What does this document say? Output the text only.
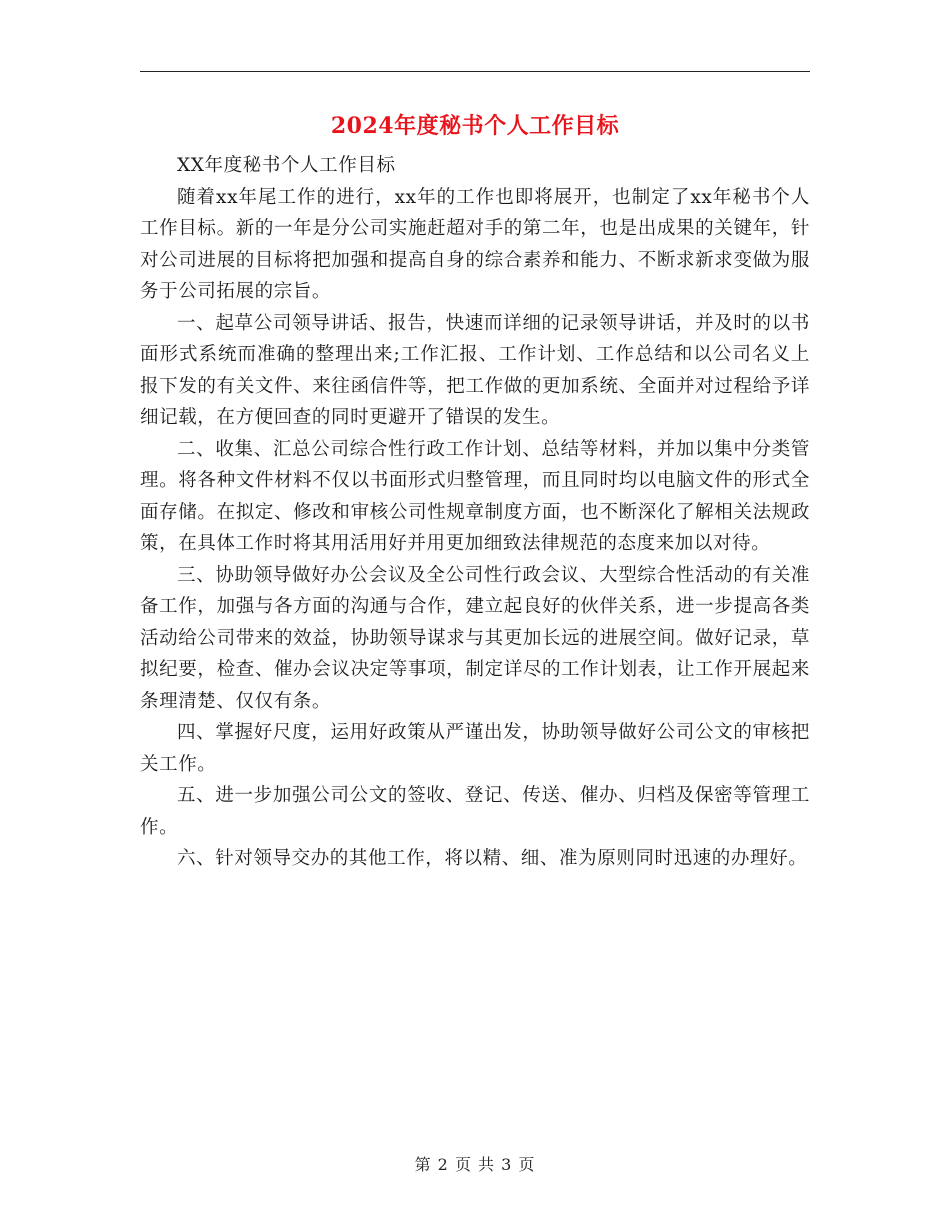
2024年度秘书个人工作目标

XX年度秘书个人工作目标

随着xx年尾工作的进行，xx年的工作也即将展开，也制定了xx年秘书个人工作目标。新的一年是分公司实施赶超对手的第二年，也是出成果的关键年，针对公司进展的目标将把加强和提高自身的综合素养和能力、不断求新求变做为服务于公司拓展的宗旨。

一、起草公司领导讲话、报告，快速而详细的记录领导讲话，并及时的以书面形式系统而准确的整理出来;工作汇报、工作计划、工作总结和以公司名义上报下发的有关文件、来往函信件等，把工作做的更加系统、全面并对过程给予详细记载，在方便回查的同时更避开了错误的发生。

二、收集、汇总公司综合性行政工作计划、总结等材料，并加以集中分类管理。将各种文件材料不仅以书面形式归整管理，而且同时均以电脑文件的形式全面存储。在拟定、修改和审核公司性规章制度方面，也不断深化了解相关法规政策，在具体工作时将其用活用好并用更加细致法律规范的态度来加以对待。

三、协助领导做好办公会议及全公司性行政会议、大型综合性活动的有关准备工作，加强与各方面的沟通与合作，建立起良好的伙伴关系，进一步提高各类活动给公司带来的效益，协助领导谋求与其更加长远的进展空间。做好记录，草拟纪要，检查、催办会议决定等事项，制定详尽的工作计划表，让工作开展起来条理清楚、仅仅有条。

四、掌握好尺度，运用好政策从严谨出发，协助领导做好公司公文的审核把关工作。

五、进一步加强公司公文的签收、登记、传送、催办、归档及保密等管理工作。

六、针对领导交办的其他工作，将以精、细、准为原则同时迅速的办理好。

第 2 页 共 3 页
